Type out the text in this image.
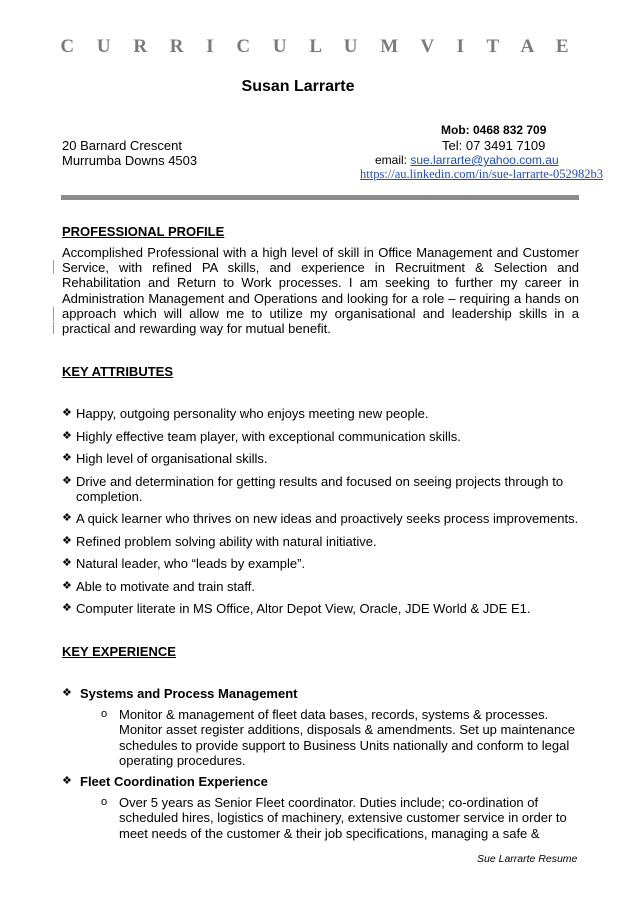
C U R R I C U L U M V I T A E
Susan Larrarte
Mob: 0468 832 709
20 Barnard Crescent	Tel: 07 3491 7109
Murrumba Downs 4503	email: sue.larrarte@yahoo.com.au
https://au.linkedin.com/in/sue-larrarte-052982b3
PROFESSIONAL PROFILE
Accomplished Professional with a high level of skill in Office Management and Customer Service, with refined PA skills, and experience in Recruitment & Selection and Rehabilitation and Return to Work processes. I am seeking to further my career in Administration Management and Operations and looking for a role – requiring a hands on approach which will allow me to utilize my organisational and leadership skills in a practical and rewarding way for mutual benefit.
KEY ATTRIBUTES
❖ Happy, outgoing personality who enjoys meeting new people.
❖ Highly effective team player, with exceptional communication skills.
❖ High level of organisational skills.
❖ Drive and determination for getting results and focused on seeing projects through to completion.
❖ A quick learner who thrives on new ideas and proactively seeks process improvements.
❖ Refined problem solving ability with natural initiative.
❖ Natural leader, who “leads by example”.
❖ Able to motivate and train staff.
❖ Computer literate in MS Office, Altor Depot View, Oracle, JDE World & JDE E1.
KEY EXPERIENCE
❖ Systems and Process Management
o Monitor & management of fleet data bases, records, systems & processes. Monitor asset register additions, disposals & amendments. Set up maintenance schedules to provide support to Business Units nationally and conform to legal operating procedures.
❖ Fleet Coordination Experience
o Over 5 years as Senior Fleet coordinator. Duties include; co-ordination of scheduled hires, logistics of machinery, extensive customer service in order to meet needs of the customer & their job specifications, managing a safe &
Sue Larrarte Resume
